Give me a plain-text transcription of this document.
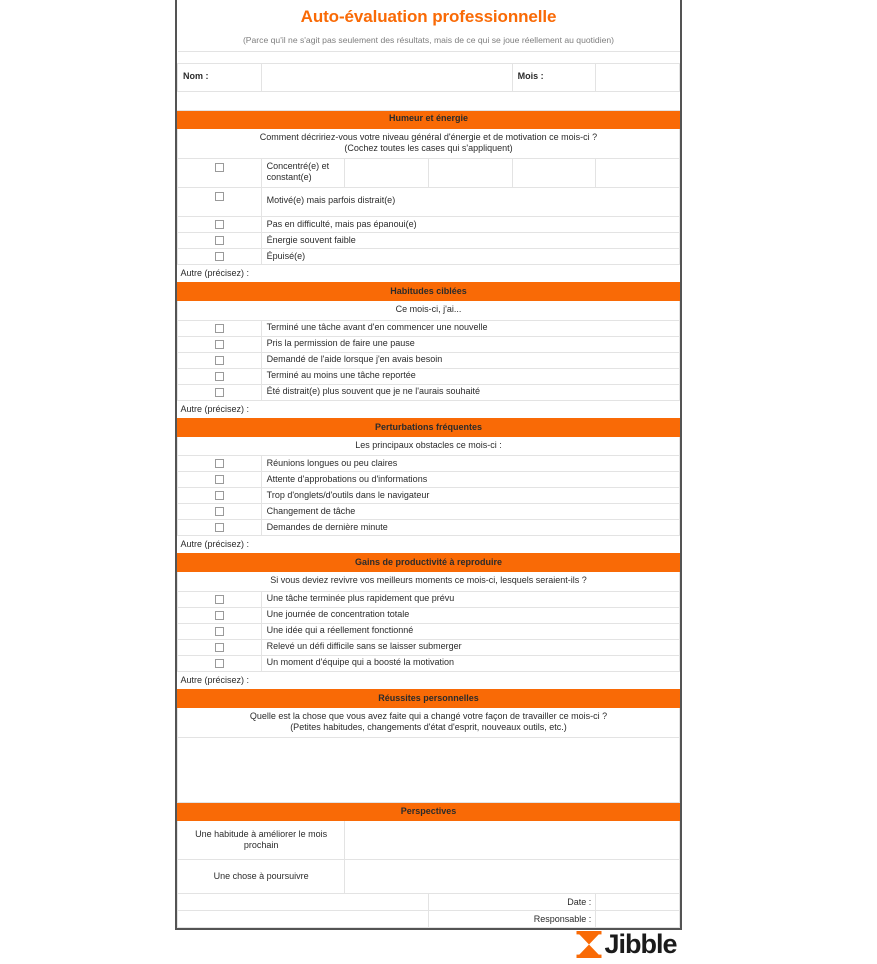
Auto-évaluation professionnelle					
(Parce qu'il ne s'agit pas seulement des résultats, mais de ce qui se joue réellement au quotidien)					

Nom :				Mois :	

Humeur et énergie					

Comment décririez-vous votre niveau général d'énergie et de motivation ce mois-ci ?
(Cochez toutes les cases qui s'appliquent)					

	Concentré(e) et constant(e)				
	Motivé(e) mais parfois distrait(e)				
	Pas en difficulté, mais pas épanoui(e)				
	Énergie souvent faible				
	Épuisé(e)				
Autre (précisez) :					
Habitudes ciblées					
Ce mois-ci, j'ai...					
	Terminé une tâche avant d'en commencer une nouvelle				
	Pris la permission de faire une pause				
	Demandé de l'aide lorsque j'en avais besoin				
	Terminé au moins une tâche reportée				
	Été distrait(e) plus souvent que je ne l'aurais souhaité				
Autre (précisez) :					
Perturbations fréquentes					
Les principaux obstacles ce mois-ci :					
	Réunions longues ou peu claires				
	Attente d'approbations ou d'informations				
	Trop d'onglets/d'outils dans le navigateur				
	Changement de tâche				
	Demandes de dernière minute				
Autre (précisez) :					
Gains de productivité à reproduire					
Si vous deviez revivre vos meilleurs moments ce mois-ci, lesquels seraient-ils ?					
	Une tâche terminée plus rapidement que prévu				
	Une journée de concentration totale				
	Une idée qui a réellement fonctionné				
	Relevé un défi difficile sans se laisser submerger				
	Un moment d'équipe qui a boosté la motivation				
Autre (précisez) :					
Réussites personnelles					

Quelle est la chose que vous avez faite qui a changé votre façon de travailler ce mois-ci ?
(Petites habitudes, changements d'état d'esprit, nouveaux outils, etc.)					

Perspectives					
Une habitude à améliorer le mois prochain					
Une chose à poursuivre					
			Date :		
			Responsable :		

Jibble					
